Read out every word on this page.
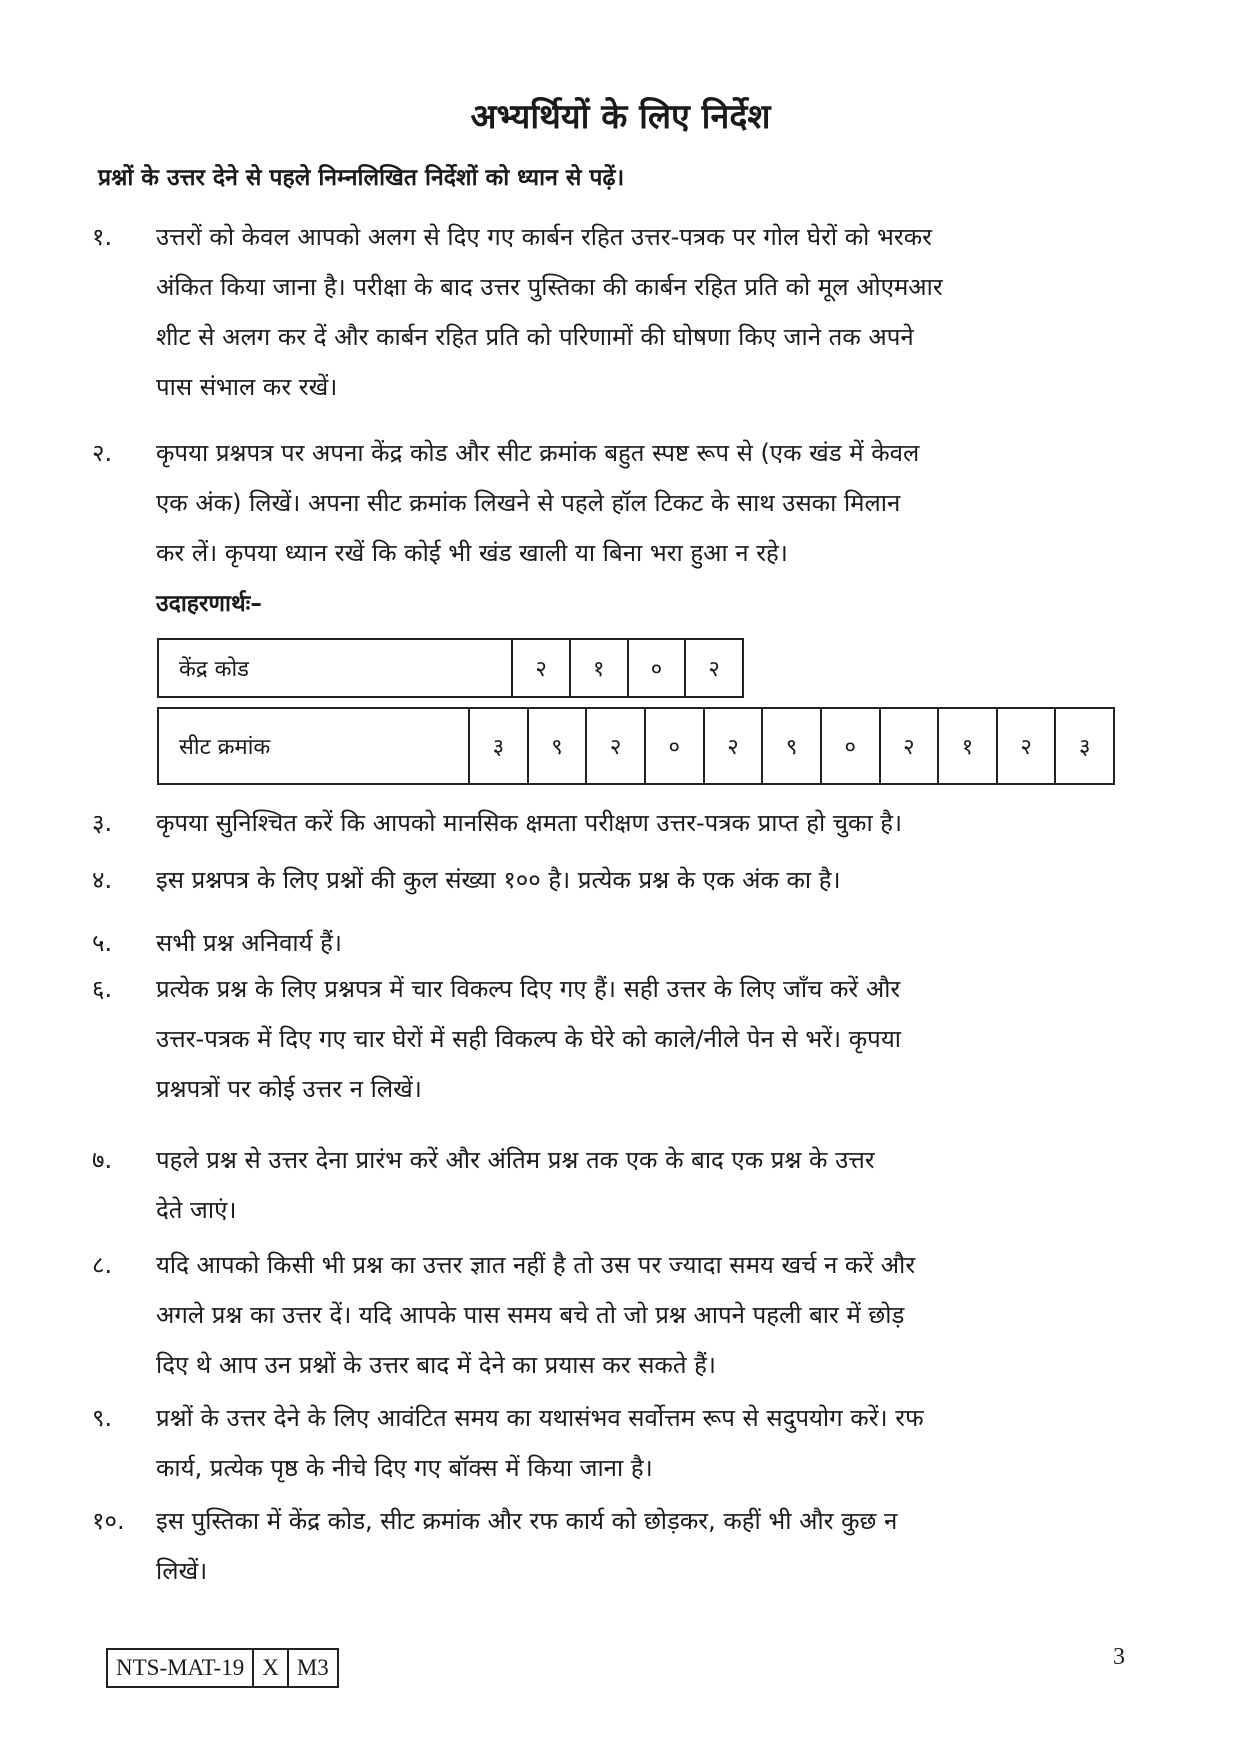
अभ्यर्थियों के लिए निर्देश
प्रश्नों के उत्तर देने से पहले निम्नलिखित निर्देशों को ध्यान से पढ़ें।
१.	उत्तरों को केवल आपको अलग से दिए गए कार्बन रहित उत्तर-पत्रक पर गोल घेरों को भरकर
अंकित किया जाना है। परीक्षा के बाद उत्तर पुस्तिका की कार्बन रहित प्रति को मूल ओएमआर
शीट से अलग कर दें और कार्बन रहित प्रति को परिणामों की घोषणा किए जाने तक अपने
पास संभाल कर रखें।
२.	कृपया प्रश्नपत्र पर अपना केंद्र कोड और सीट क्रमांक बहुत स्पष्ट रूप से (एक खंड में केवल
एक अंक) लिखें। अपना सीट क्रमांक लिखने से पहले हॉल टिकट के साथ उसका मिलान
कर लें। कृपया ध्यान रखें कि कोई भी खंड खाली या बिना भरा हुआ न रहे।
उदाहरणार्थः–
केंद्र कोड	२	१	०	२
सीट क्रमांक	३	९	२	०	२	९	०	२	१	२	३
३.	कृपया सुनिश्चित करें कि आपको मानसिक क्षमता परीक्षण उत्तर-पत्रक प्राप्त हो चुका है।
४.	इस प्रश्नपत्र के लिए प्रश्नों की कुल संख्या १०० है। प्रत्येक प्रश्न के एक अंक का है।
५.	सभी प्रश्न अनिवार्य हैं।
६.	प्रत्येक प्रश्न के लिए प्रश्नपत्र में चार विकल्प दिए गए हैं। सही उत्तर के लिए जाँच करें और
उत्तर-पत्रक में दिए गए चार घेरों में सही विकल्प के घेरे को काले/नीले पेन से भरें। कृपया
प्रश्नपत्रों पर कोई उत्तर न लिखें।
७.	पहले प्रश्न से उत्तर देना प्रारंभ करें और अंतिम प्रश्न तक एक के बाद एक प्रश्न के उत्तर
देते जाएं।
८.	यदि आपको किसी भी प्रश्न का उत्तर ज्ञात नहीं है तो उस पर ज्यादा समय खर्च न करें और
अगले प्रश्न का उत्तर दें। यदि आपके पास समय बचे तो जो प्रश्न आपने पहली बार में छोड़
दिए थे आप उन प्रश्नों के उत्तर बाद में देने का प्रयास कर सकते हैं।
९.	प्रश्नों के उत्तर देने के लिए आवंटित समय का यथासंभव सर्वोत्तम रूप से सदुपयोग करें। रफ
कार्य, प्रत्येक पृष्ठ के नीचे दिए गए बॉक्स में किया जाना है।
१०.	इस पुस्तिका में केंद्र कोड, सीट क्रमांक और रफ कार्य को छोड़कर, कहीं भी और कुछ न
लिखें।
NTS-MAT-19 X M3	3
